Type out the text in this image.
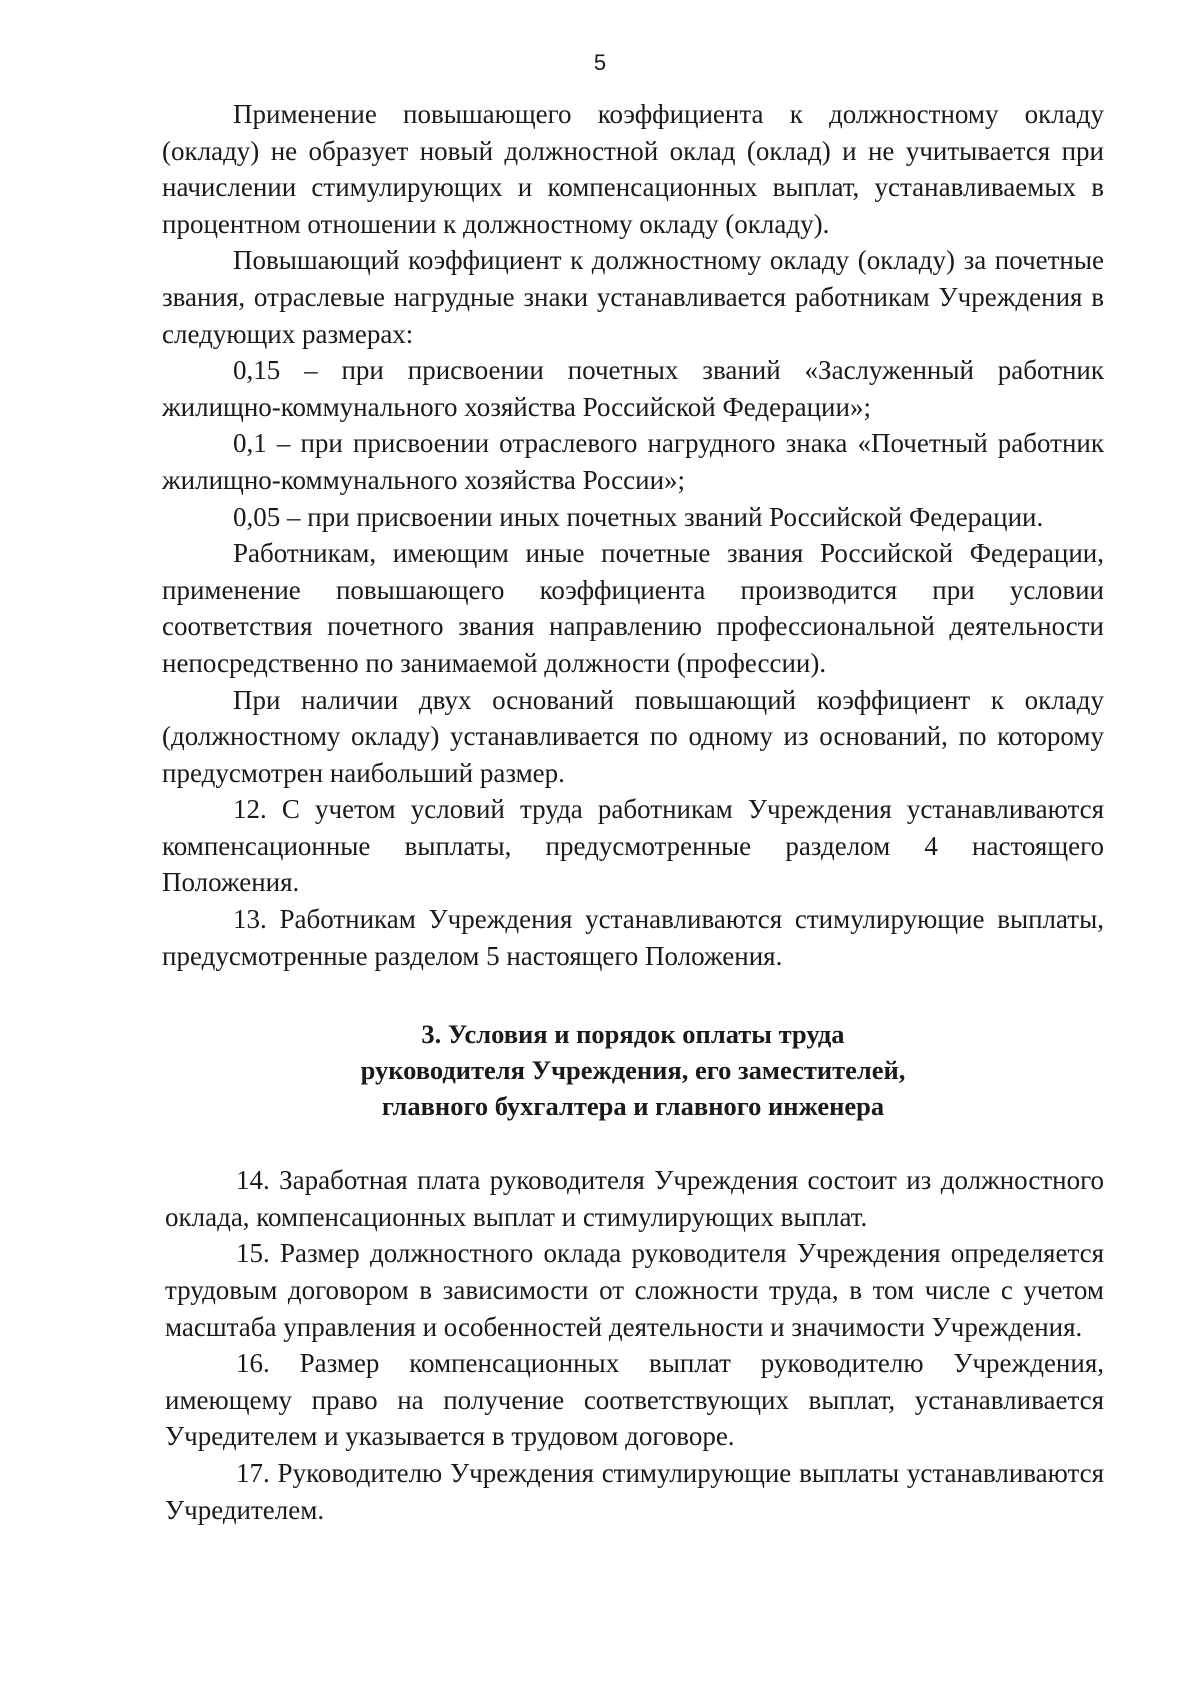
5

Применение повышающего коэффициента к должностному окладу (окладу) не образует новый должностной оклад (оклад) и не учитывается при начислении стимулирующих и компенсационных выплат, устанавливаемых в процентном отношении к должностному окладу (окладу).

Повышающий коэффициент к должностному окладу (окладу) за почетные звания, отраслевые нагрудные знаки устанавливается работникам Учреждения в следующих размерах:

0,15 – при присвоении почетных званий «Заслуженный работник жилищно-коммунального хозяйства Российской Федерации»;

0,1 – при присвоении отраслевого нагрудного знака «Почетный работник жилищно-коммунального хозяйства России»;

0,05 – при присвоении иных почетных званий Российской Федерации.

Работникам, имеющим иные почетные звания Российской Федерации, применение повышающего коэффициента производится при условии соответствия почетного звания направлению профессиональной деятельности непосредственно по занимаемой должности (профессии).

При наличии двух оснований повышающий коэффициент к окладу (должностному окладу) устанавливается по одному из оснований, по которому предусмотрен наибольший размер.

12. С учетом условий труда работникам Учреждения устанавливаются компенсационные выплаты, предусмотренные разделом 4 настоящего Положения.

13. Работникам Учреждения устанавливаются стимулирующие выплаты, предусмотренные разделом 5 настоящего Положения.

3. Условия и порядок оплаты труда
руководителя Учреждения, его заместителей,
главного бухгалтера и главного инженера

14. Заработная плата руководителя Учреждения состоит из должностного оклада, компенсационных выплат и стимулирующих выплат.

15. Размер должностного оклада руководителя Учреждения определяется трудовым договором в зависимости от сложности труда, в том числе с учетом масштаба управления и особенностей деятельности и значимости Учреждения.

16. Размер компенсационных выплат руководителю Учреждения, имеющему право на получение соответствующих выплат, устанавливается Учредителем и указывается в трудовом договоре.

17. Руководителю Учреждения стимулирующие выплаты устанавливаются Учредителем.
